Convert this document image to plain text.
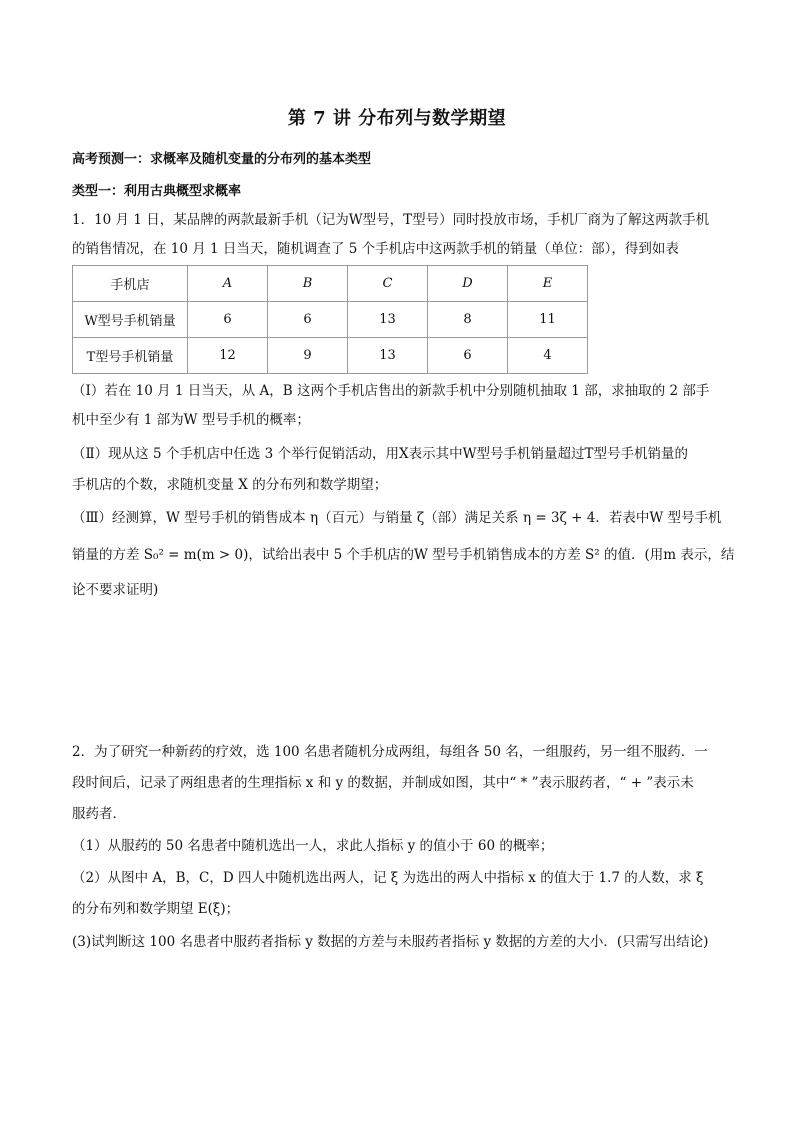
第 7 讲 分布列与数学期望
高考预测一：求概率及随机变量的分布列的基本类型
类型一：利用古典概型求概率
1．10 月 1 日，某品牌的两款最新手机（记为W型号，T型号）同时投放市场，手机厂商为了解这两款手机
的销售情况，在 10 月 1 日当天，随机调查了 5 个手机店中这两款手机的销量（单位：部），得到如表
手机店	A	B	C	D	E
W型号手机销量	6	6	13	8	11
T型号手机销量	12	9	13	6	4
（Ⅰ）若在 10 月 1 日当天，从 A，B 这两个手机店售出的新款手机中分别随机抽取 1 部，求抽取的 2 部手
机中至少有 1 部为W 型号手机的概率；
（Ⅱ）现从这 5 个手机店中任选 3 个举行促销活动，用X表示其中W型号手机销量超过T型号手机销量的
手机店的个数，求随机变量 X 的分布列和数学期望；
（Ⅲ）经测算，W 型号手机的销售成本 η（百元）与销量 ζ（部）满足关系 η = 3ζ + 4．若表中W 型号手机
销量的方差 S₀² = m(m > 0)，试给出表中 5 个手机店的W 型号手机销售成本的方差 S² 的值．(用m 表示，结
论不要求证明)
2．为了研究一种新药的疗效，选 100 名患者随机分成两组，每组各 50 名，一组服药，另一组不服药．一
段时间后，记录了两组患者的生理指标 x 和 y 的数据，并制成如图，其中“ * ”表示服药者，“ + ”表示未
服药者．
（1）从服药的 50 名患者中随机选出一人，求此人指标 y 的值小于 60 的概率；
（2）从图中 A，B，C，D 四人中随机选出两人，记 ξ 为选出的两人中指标 x 的值大于 1.7 的人数，求 ξ
的分布列和数学期望 E(ξ)；
(3)试判断这 100 名患者中服药者指标 y 数据的方差与未服药者指标 y 数据的方差的大小．(只需写出结论)
